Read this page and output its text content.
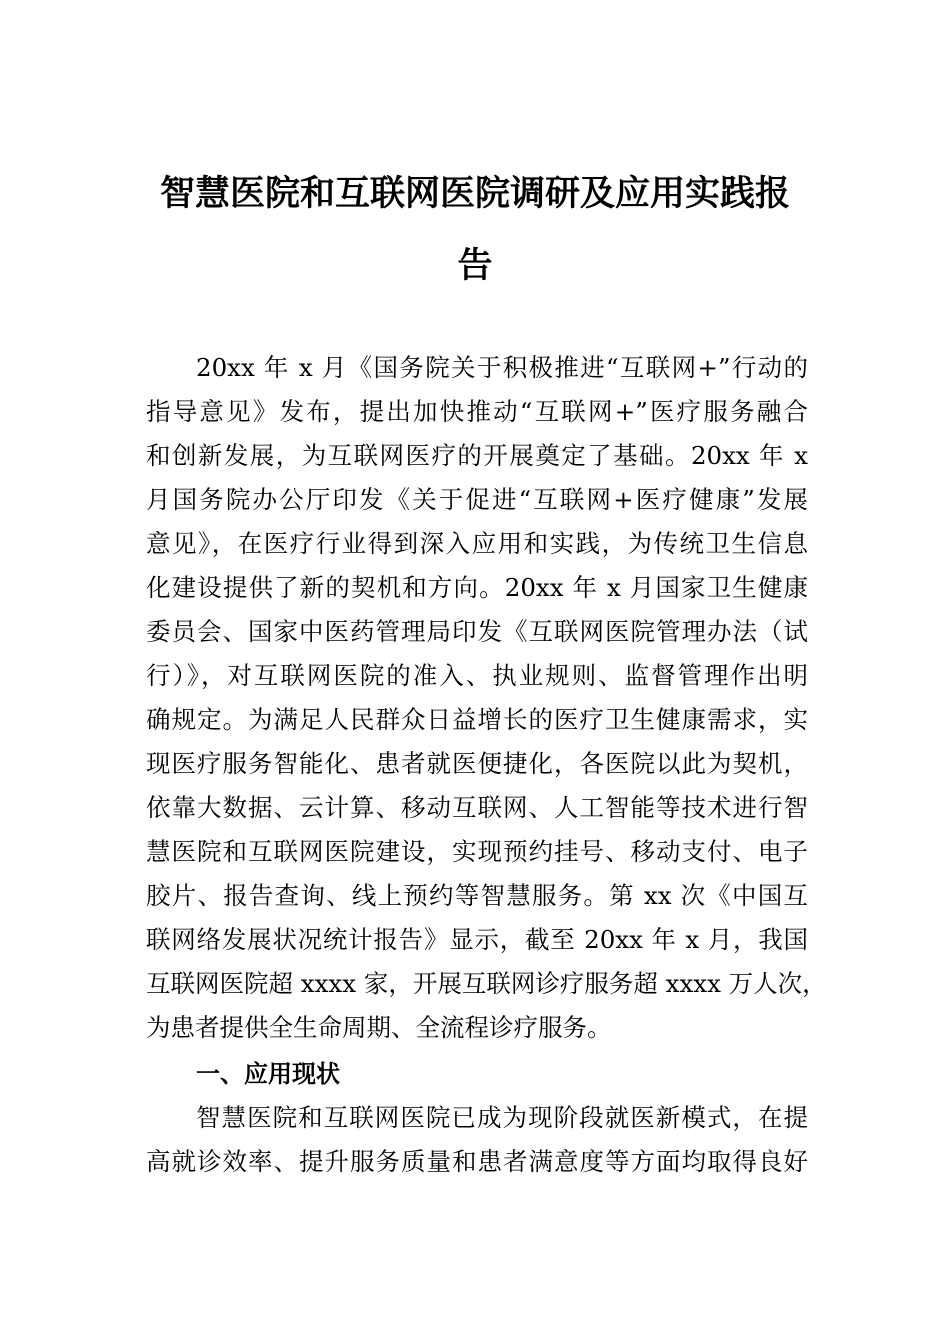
智慧医院和互联网医院调研及应用实践报
告
20xx 年 x 月《国务院关于积极推进“互联网+”行动的
指导意见》发布，提出加快推动“互联网+”医疗服务融合
和创新发展，为互联网医疗的开展奠定了基础。20xx 年 x
月国务院办公厅印发《关于促进“互联网+医疗健康”发展
意见》，在医疗行业得到深入应用和实践，为传统卫生信息
化建设提供了新的契机和方向。20xx 年 x 月国家卫生健康
委员会、国家中医药管理局印发《互联网医院管理办法（试
行）》，对互联网医院的准入、执业规则、监督管理作出明
确规定。为满足人民群众日益增长的医疗卫生健康需求，实
现医疗服务智能化、患者就医便捷化，各医院以此为契机，
依靠大数据、云计算、移动互联网、人工智能等技术进行智
慧医院和互联网医院建设，实现预约挂号、移动支付、电子
胶片、报告查询、线上预约等智慧服务。第 xx 次《中国互
联网络发展状况统计报告》显示，截至 20xx 年 x 月，我国
互联网医院超 xxxx 家，开展互联网诊疗服务超 xxxx 万人次，
为患者提供全生命周期、全流程诊疗服务。
一、应用现状
智慧医院和互联网医院已成为现阶段就医新模式，在提
高就诊效率、提升服务质量和患者满意度等方面均取得良好
